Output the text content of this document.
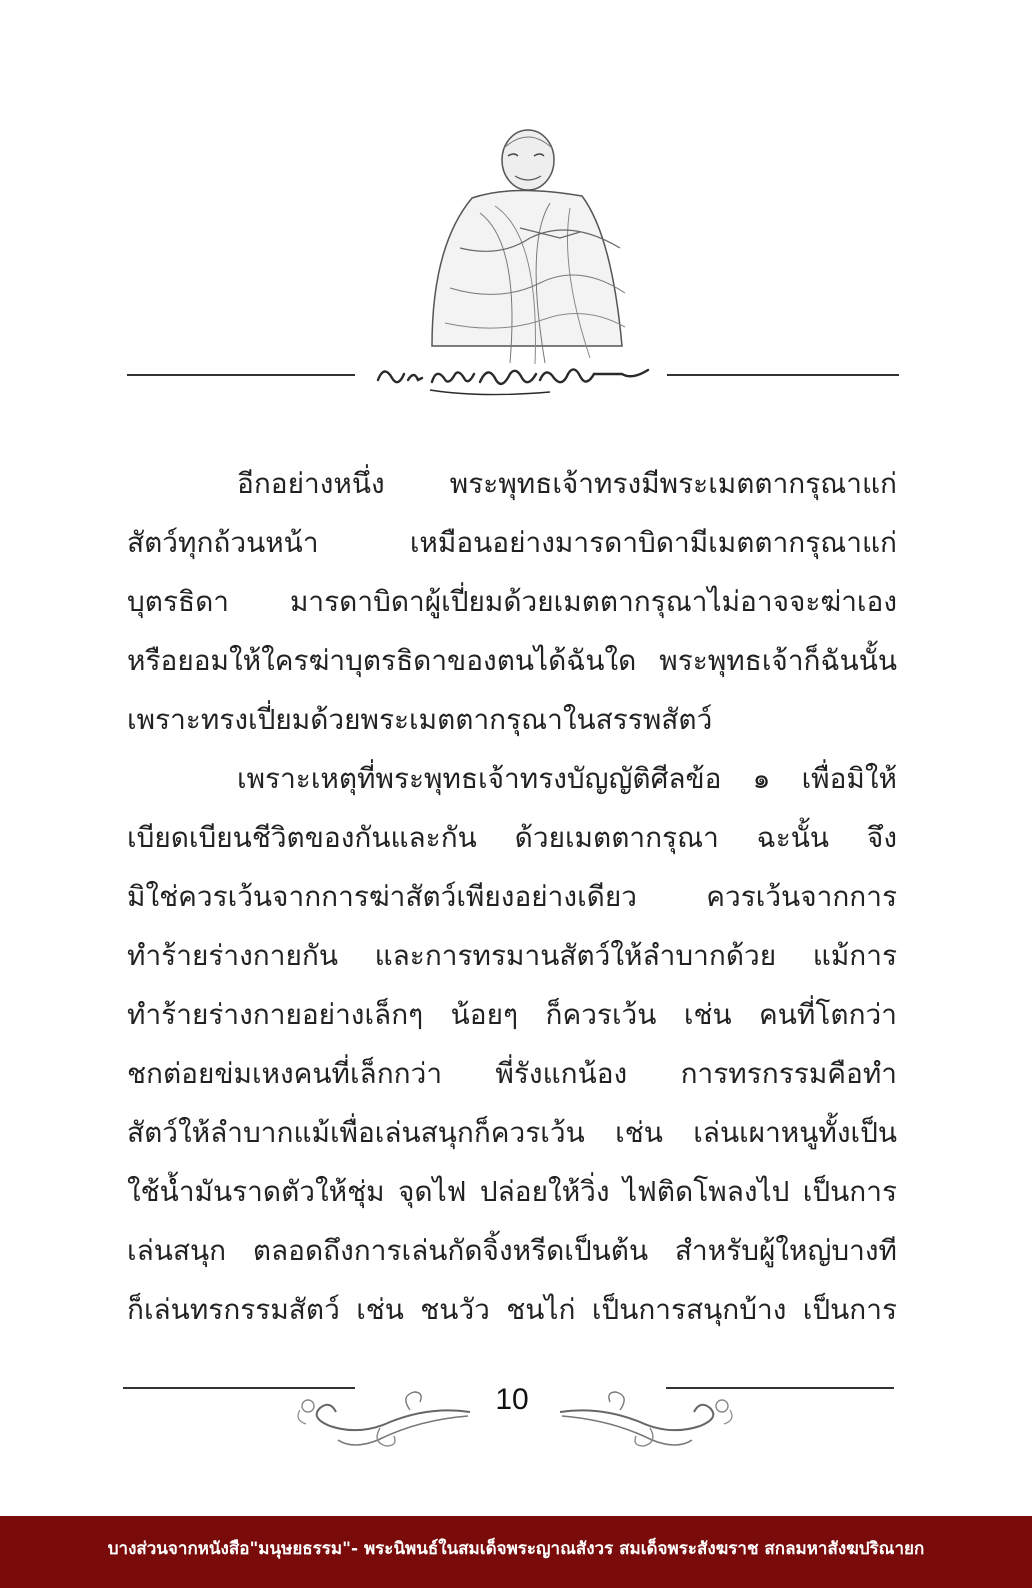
อีกอย่างหนึ่ง พระพุทธเจ้าทรงมีพระเมตตากรุณาแก่
สัตว์ทุกถ้วนหน้า เหมือนอย่างมารดาบิดามีเมตตากรุณาแก่
บุตรธิดา มารดาบิดาผู้เปี่ยมด้วยเมตตากรุณาไม่อาจจะฆ่าเอง
หรือยอมให้ใครฆ่าบุตรธิดาของตนได้ฉันใด พระพุทธเจ้าก็ฉันนั้น
เพราะทรงเปี่ยมด้วยพระเมตตากรุณาในสรรพสัตว์
เพราะเหตุที่พระพุทธเจ้าทรงบัญญัติศีลข้อ ๑ เพื่อมิให้
เบียดเบียนชีวิตของกันและกัน ด้วยเมตตากรุณา ฉะนั้น จึง
มิใช่ควรเว้นจากการฆ่าสัตว์เพียงอย่างเดียว ควรเว้นจากการ
ทำร้ายร่างกายกัน และการทรมานสัตว์ให้ลำบากด้วย แม้การ
ทำร้ายร่างกายอย่างเล็กๆ น้อยๆ ก็ควรเว้น เช่น คนที่โตกว่า
ชกต่อยข่มเหงคนที่เล็กกว่า พี่รังแกน้อง การทรกรรมคือทำ
สัตว์ให้ลำบากแม้เพื่อเล่นสนุกก็ควรเว้น เช่น เล่นเผาหนูทั้งเป็น
ใช้น้ำมันราดตัวให้ชุ่ม จุดไฟ ปล่อยให้วิ่ง ไฟติดโพลงไป เป็นการ
เล่นสนุก ตลอดถึงการเล่นกัดจิ้งหรีดเป็นต้น สำหรับผู้ใหญ่บางที
ก็เล่นทรกรรมสัตว์ เช่น ชนวัว ชนไก่ เป็นการสนุกบ้าง เป็นการ
10
บางส่วนจากหนังสือ"มนุษยธรรม"- พระนิพนธ์ในสมเด็จพระญาณสังวร สมเด็จพระสังฆราช สกลมหาสังฆปริณายก
